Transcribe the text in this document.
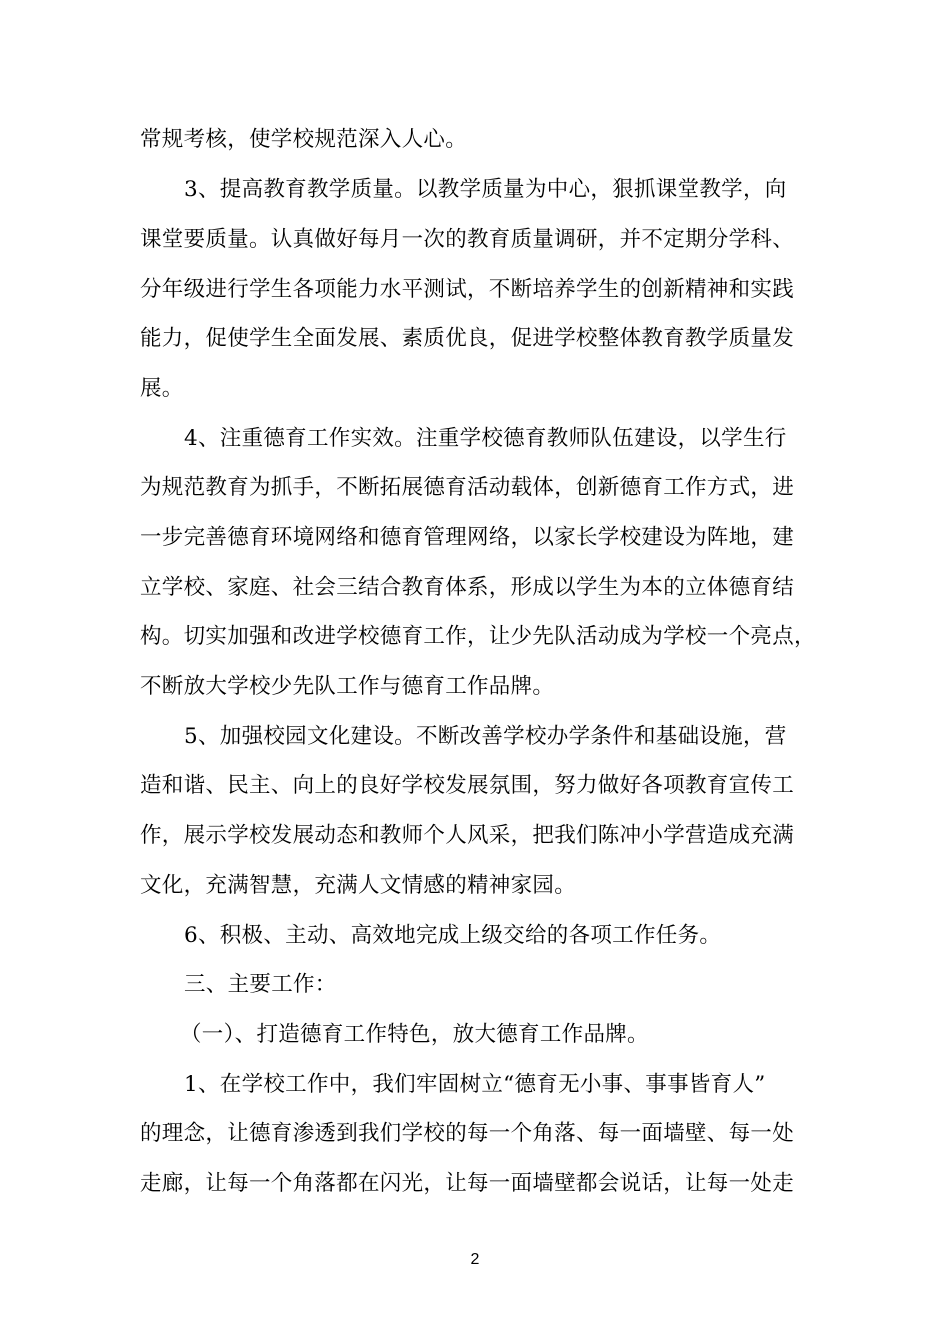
常规考核，使学校规范深入人心。
3、提高教育教学质量。以教学质量为中心，狠抓课堂教学，向
课堂要质量。认真做好每月一次的教育质量调研，并不定期分学科、
分年级进行学生各项能力水平测试，不断培养学生的创新精神和实践
能力，促使学生全面发展、素质优良，促进学校整体教育教学质量发
展。
4、注重德育工作实效。注重学校德育教师队伍建设，以学生行
为规范教育为抓手，不断拓展德育活动载体，创新德育工作方式，进
一步完善德育环境网络和德育管理网络，以家长学校建设为阵地，建
立学校、家庭、社会三结合教育体系，形成以学生为本的立体德育结
构。切实加强和改进学校德育工作，让少先队活动成为学校一个亮点，
不断放大学校少先队工作与德育工作品牌。
5、加强校园文化建设。不断改善学校办学条件和基础设施，营
造和谐、民主、向上的良好学校发展氛围，努力做好各项教育宣传工
作，展示学校发展动态和教师个人风采，把我们陈冲小学营造成充满
文化，充满智慧，充满人文情感的精神家园。
6、积极、主动、高效地完成上级交给的各项工作任务。
三、主要工作：
（一）、打造德育工作特色，放大德育工作品牌。
1、在学校工作中，我们牢固树立“德育无小事、事事皆育人”
的理念，让德育渗透到我们学校的每一个角落、每一面墙壁、每一处
走廊，让每一个角落都在闪光，让每一面墙壁都会说话，让每一处走
2
